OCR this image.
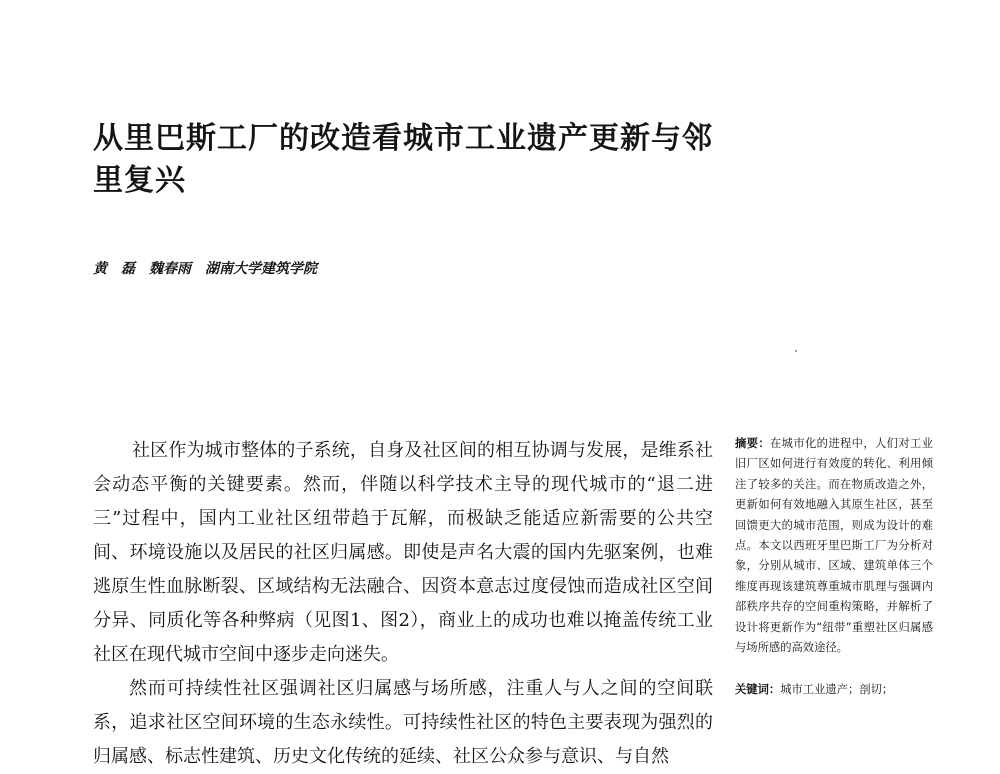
从里巴斯工厂的改造看城市工业遗产更新与邻里复兴
黄　磊　魏春雨　湖南大学建筑学院

社区作为城市整体的子系统，自身及社区间的相互协调与发展，是维系社会动态平衡的关键要素。然而，伴随以科学技术主导的现代城市的“退二进三”过程中，国内工业社区纽带趋于瓦解，而极缺乏能适应新需要的公共空间、环境设施以及居民的社区归属感。即使是声名大震的国内先驱案例，也难逃原生性血脉断裂、区域结构无法融合、因资本意志过度侵蚀而造成社区空间分异、同质化等各种弊病（见图1、图2），商业上的成功也难以掩盖传统工业社区在现代城市空间中逐步走向迷失。

然而可持续性社区强调社区归属感与场所感，注重人与人之间的空间联系，追求社区空间环境的生态永续性。可持续性社区的特色主要表现为强烈的归属感、标志性建筑、历史文化传统的延续、社区公众参与意识、与自然

摘要：在城市化的进程中，人们对工业旧厂区如何进行有效度的转化、利用倾注了较多的关注。而在物质改造之外，更新如何有效地融入其原生社区，甚至回馈更大的城市范围，则成为设计的难点。本文以西班牙里巴斯工厂为分析对象，分别从城市、区域、建筑单体三个维度再现该建筑尊重城市肌理与强调内部秩序共存的空间重构策略，并解析了设计将更新作为“纽带”重塑社区归属感与场所感的高效途径。

关键词：城市工业遗产；剖切；
